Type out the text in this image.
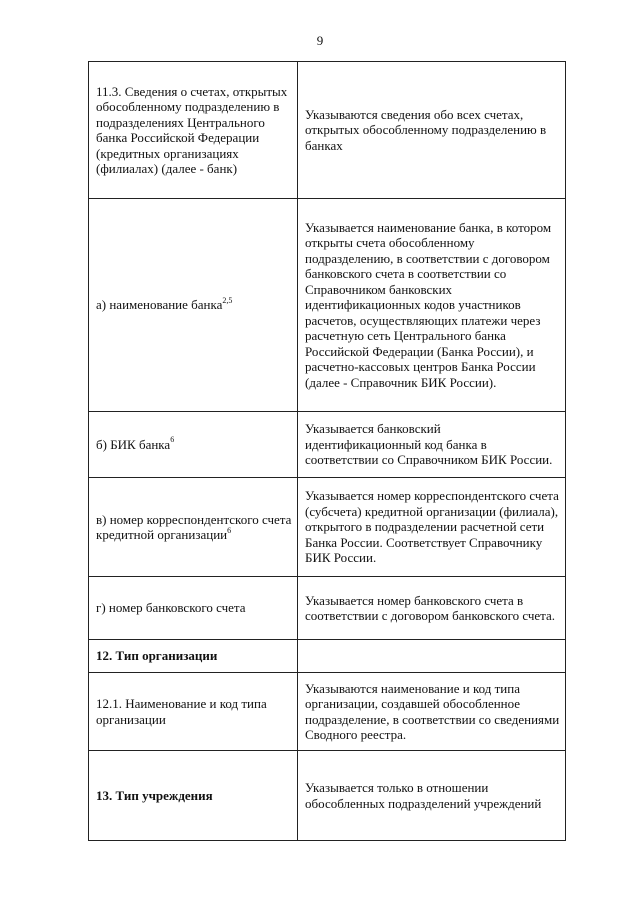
9
11.3. Сведения о счетах, открытых обособленному подразделению в подразделениях Центрального банка Российской Федерации (кредитных организациях (филиалах) (далее - банк)	Указываются сведения обо всех счетах, открытых обособленному подразделению в банках
а) наименование банка$^{2,5}$	Указывается наименование банка, в котором открыты счета обособленному подразделению, в соответствии с договором банковского счета в соответствии со Справочником банковских идентификационных кодов участников расчетов, осуществляющих платежи через расчетную сеть Центрального банка Российской Федерации (Банка России), и расчетно-кассовых центров Банка России (далее - Справочник БИК России).
б) БИК банка$^6$	Указывается банковский идентификационный код банка в соответствии со Справочником БИК России.
в) номер корреспондентского счета кредитной организации$^6$	Указывается номер корреспондентского счета (субсчета) кредитной организации (филиала), открытого в подразделении расчетной сети Банка России. Соответствует Справочнику БИК России.
г) номер банковского счета	Указывается номер банковского счета в соответствии с договором банковского счета.
12. Тип организации	
12.1. Наименование и код типа организации	Указываются наименование и код типа организации, создавшей обособленное подразделение, в соответствии со сведениями Сводного реестра.
13. Тип учреждения	Указывается только в отношении обособленных подразделений учреждений
